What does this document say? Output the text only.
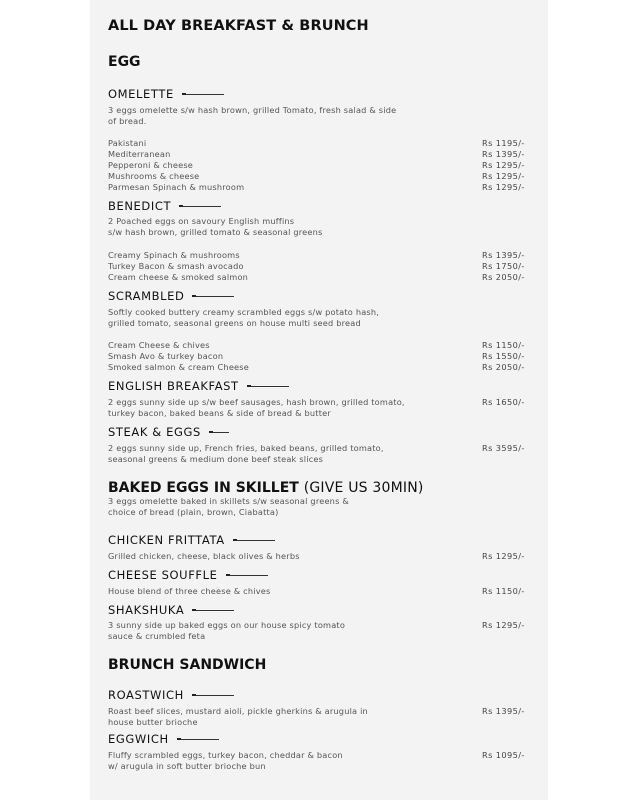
ALL DAY BREAKFAST & BRUNCH
EGG
OMELETTE
3 eggs omelette s/w hash brown, grilled Tomato, fresh salad & side
of bread.
Pakistani	Rs 1195/-
Mediterranean	Rs 1395/-
Pepperoni & cheese	Rs 1295/-
Mushrooms & cheese	Rs 1295/-
Parmesan Spinach & mushroom	Rs 1295/-
BENEDICT
2 Poached eggs on savoury English muffins
s/w hash brown, grilled tomato & seasonal greens
Creamy Spinach & mushrooms	Rs 1395/-
Turkey Bacon & smash avocado	Rs 1750/-
Cream cheese & smoked salmon	Rs 2050/-
SCRAMBLED
Softly cooked buttery creamy scrambled eggs s/w potato hash,
grilled tomato, seasonal greens on house multi seed bread
Cream Cheese & chives	Rs 1150/-
Smash Avo & turkey bacon	Rs 1550/-
Smoked salmon & cream Cheese	Rs 2050/-
ENGLISH BREAKFAST
2 eggs sunny side up s/w beef sausages, hash brown, grilled tomato,
turkey bacon, baked beans & side of bread & butter
Rs 1650/-
STEAK & EGGS
2 eggs sunny side up, French fries, baked beans, grilled tomato,
seasonal greens & medium done beef steak slices
Rs 3595/-
BAKED EGGS IN SKILLET (GIVE US 30MIN)
3 eggs omelette baked in skillets s/w seasonal greens &
choice of bread (plain, brown, Ciabatta)
CHICKEN FRITTATA
Grilled chicken, cheese, black olives & herbs	Rs 1295/-
CHEESE SOUFFLE
House blend of three cheese & chives	Rs 1150/-
SHAKSHUKA
3 sunny side up baked eggs on our house spicy tomato
sauce & crumbled feta
Rs 1295/-
BRUNCH SANDWICH
ROASTWICH
Roast beef slices, mustard aioli, pickle gherkins & arugula in
house butter brioche
Rs 1395/-
EGGWICH
Fluffy scrambled eggs, turkey bacon, cheddar & bacon
w/ arugula in soft butter brioche bun
Rs 1095/-
